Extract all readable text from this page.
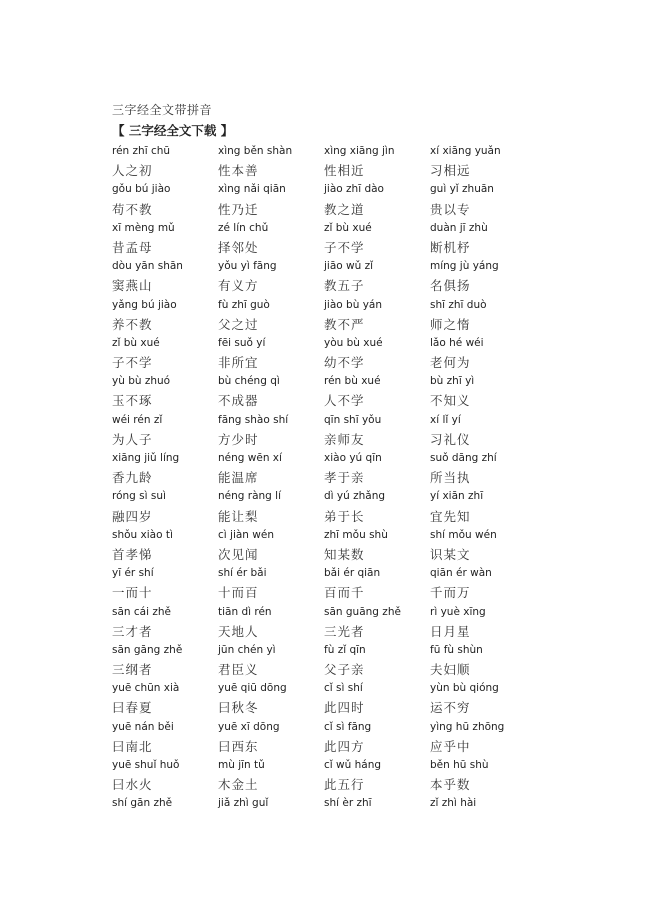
三字经全文带拼音
【 三字经全文下载 】
rén zhī chū	xìng běn shàn	xìng xiāng jìn	xí xiāng yuǎn
人之初	性本善	性相近	习相远
gǒu bú jiào	xìng nǎi qiān	jiào zhī dào	guì yǐ zhuān
苟不教	性乃迁	教之道	贵以专
xī mèng mǔ	zé lín chǔ	zǐ bù xué	duàn jī zhù
昔孟母	择邻处	子不学	断机杼
dòu yān shān	yǒu yì fāng	jiāo wǔ zǐ	míng jù yáng
窦燕山	有义方	教五子	名俱扬
yǎng bú jiào	fù zhī guò	jiào bù yán	shī zhī duò
养不教	父之过	教不严	师之惰
zǐ bù xué	fēi suǒ yí	yòu bù xué	lǎo hé wéi
子不学	非所宜	幼不学	老何为
yù bù zhuó	bù chéng qì	rén bù xué	bù zhī yì
玉不琢	不成器	人不学	不知义
wéi rén zǐ	fāng shào shí	qīn shī yǒu	xí lǐ yí
为人子	方少时	亲师友	习礼仪
xiāng jiǔ líng	néng wēn xí	xiào yú qīn	suǒ dāng zhí
香九龄	能温席	孝于亲	所当执
róng sì suì	néng ràng lí	dì yú zhǎng	yí xiān zhī
融四岁	能让梨	弟于长	宜先知
shǒu xiào tì	cì jiàn wén	zhī mǒu shù	shí mǒu wén
首孝悌	次见闻	知某数	识某文
yī ér shí	shí ér bǎi	bǎi ér qiān	qiān ér wàn
一而十	十而百	百而千	千而万
sān cái zhě	tiān dì rén	sān guāng zhě	rì yuè xīng
三才者	天地人	三光者	日月星
sān gāng zhě	jūn chén yì	fù zǐ qīn	fū fù shùn
三纲者	君臣义	父子亲	夫妇顺
yuē chūn xià	yuē qiū dōng	cǐ sì shí	yùn bù qióng
曰春夏	曰秋冬	此四时	运不穷
yuē nán běi	yuē xī dōng	cǐ sì fāng	yìng hū zhōng
曰南北	曰西东	此四方	应乎中
yuē shuǐ huǒ	mù jīn tǔ	cǐ wǔ háng	běn hū shù
曰水火	木金土	此五行	本乎数
shí gān zhě	jiǎ zhì guǐ	shí èr zhī	zǐ zhì hài
